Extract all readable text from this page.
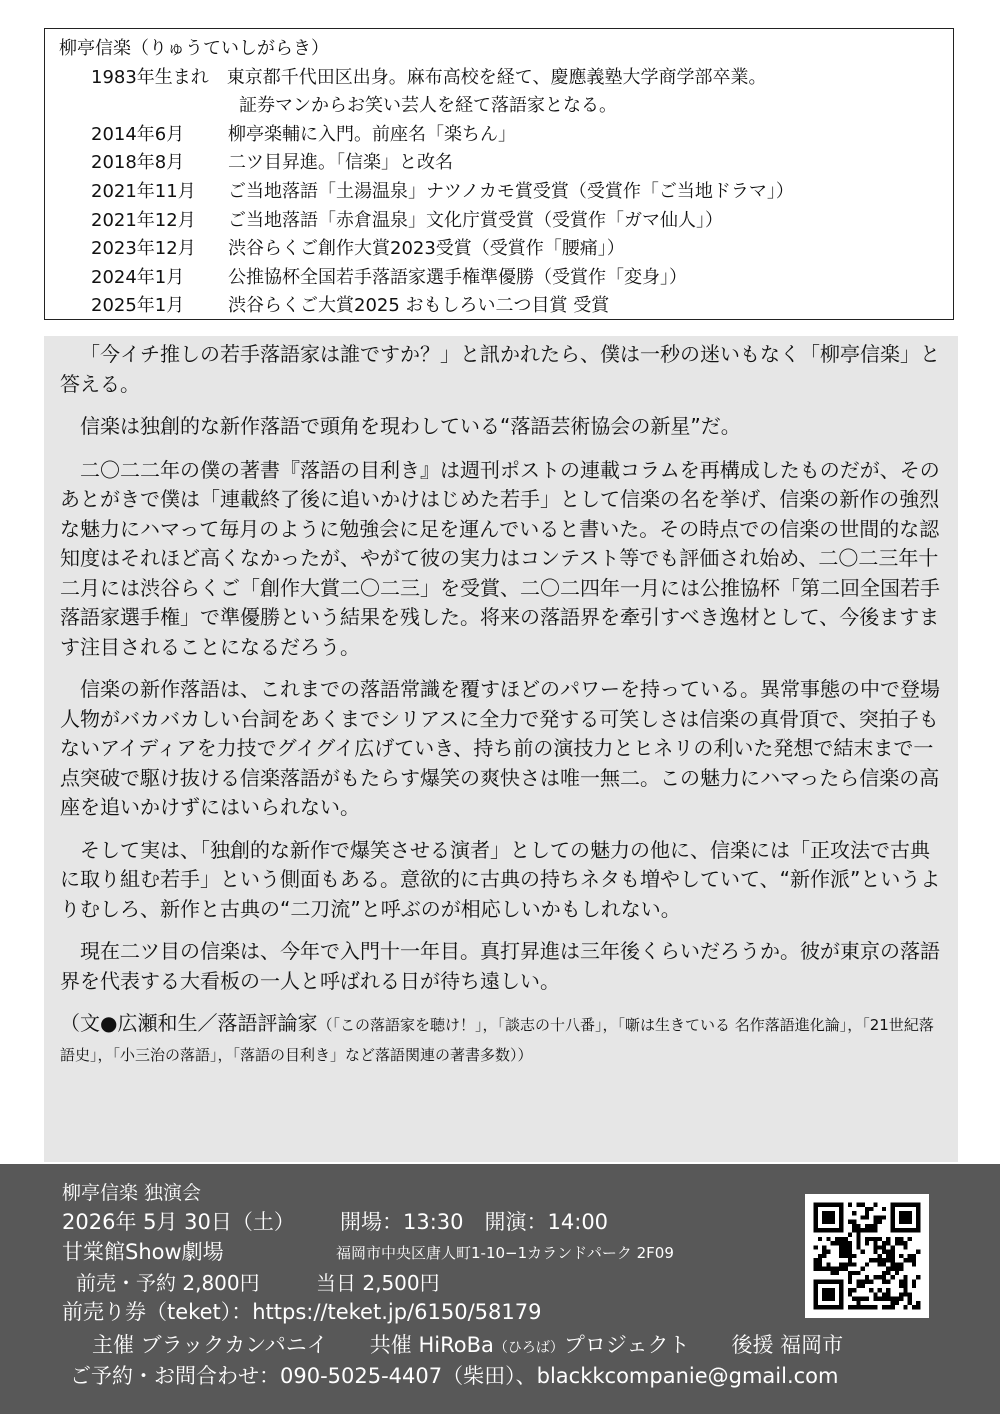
柳亭信楽（りゅうていしがらき）
1983年生まれ　東京都千代田区出身。麻布高校を経て、慶應義塾大学商学部卒業。
証券マンからお笑い芸人を経て落語家となる。
2014年6月 柳亭楽輔に入門。前座名「楽ちん」
2018年8月 二ツ目昇進。「信楽」と改名
2021年11月 ご当地落語「土湯温泉」ナツノカモ賞受賞（受賞作「ご当地ドラマ」）
2021年12月 ご当地落語「赤倉温泉」文化庁賞受賞（受賞作「ガマ仙人」）
2023年12月 渋谷らくご創作大賞2023受賞（受賞作「腰痛」）
2024年1月 公推協杯全国若手落語家選手権準優勝（受賞作「変身」）
2025年1月 渋谷らくご大賞2025 おもしろい二つ目賞 受賞

「今イチ推しの若手落語家は誰ですか？」と訊かれたら、僕は一秒の迷いもなく「柳亭信楽」と答える。

信楽は独創的な新作落語で頭角を現わしている“落語芸術協会の新星”だ。

二〇二二年の僕の著書『落語の目利き』は週刊ポストの連載コラムを再構成したものだが、そのあとがきで僕は「連載終了後に追いかけはじめた若手」として信楽の名を挙げ、信楽の新作の強烈な魅力にハマって毎月のように勉強会に足を運んでいると書いた。その時点での信楽の世間的な認知度はそれほど高くなかったが、やがて彼の実力はコンテスト等でも評価され始め、二〇二三年十二月には渋谷らくご「創作大賞二〇二三」を受賞、二〇二四年一月には公推協杯「第二回全国若手落語家選手権」で準優勝という結果を残した。将来の落語界を牽引すべき逸材として、今後ますます注目されることになるだろう。

信楽の新作落語は、これまでの落語常識を覆すほどのパワーを持っている。異常事態の中で登場人物がバカバカしい台詞をあくまでシリアスに全力で発する可笑しさは信楽の真骨頂で、突拍子もないアイディアを力技でグイグイ広げていき、持ち前の演技力とヒネリの利いた発想で結末まで一点突破で駆け抜ける信楽落語がもたらす爆笑の爽快さは唯一無二。この魅力にハマったら信楽の高座を追いかけずにはいられない。

そして実は、「独創的な新作で爆笑させる演者」としての魅力の他に、信楽には「正攻法で古典に取り組む若手」という側面もある。意欲的に古典の持ちネタも増やしていて、“新作派”というよりむしろ、新作と古典の“二刀流”と呼ぶのが相応しいかもしれない。

現在二ツ目の信楽は、今年で入門十一年目。真打昇進は三年後くらいだろうか。彼が東京の落語界を代表する大看板の一人と呼ばれる日が待ち遠しい。

（文●広瀬和生／落語評論家（「この落語家を聴け！」，「談志の十八番」，「噺は生きている 名作落語進化論」，「21世紀落語史」，「小三治の落語」，「落語の目利き」など落語関連の著書多数））
柳亭信楽 独演会
2026年 5月 30日（土） 開場：13:30　開演：14:00
甘棠館Show劇場	福岡市中央区唐人町1-10−1カランドパーク 2F09
前売・予約 2,800円	当日 2,500円
前売り券（teket）：https://teket.jp/6150/58179
主催 ブラックカンパニイ　　 共催 HiRoBa（ひろば）プロジェクト　　 後援 福岡市
ご予約・お問合わせ：090-5025-4407（柴田）、blackkcompanie@gmail.com
